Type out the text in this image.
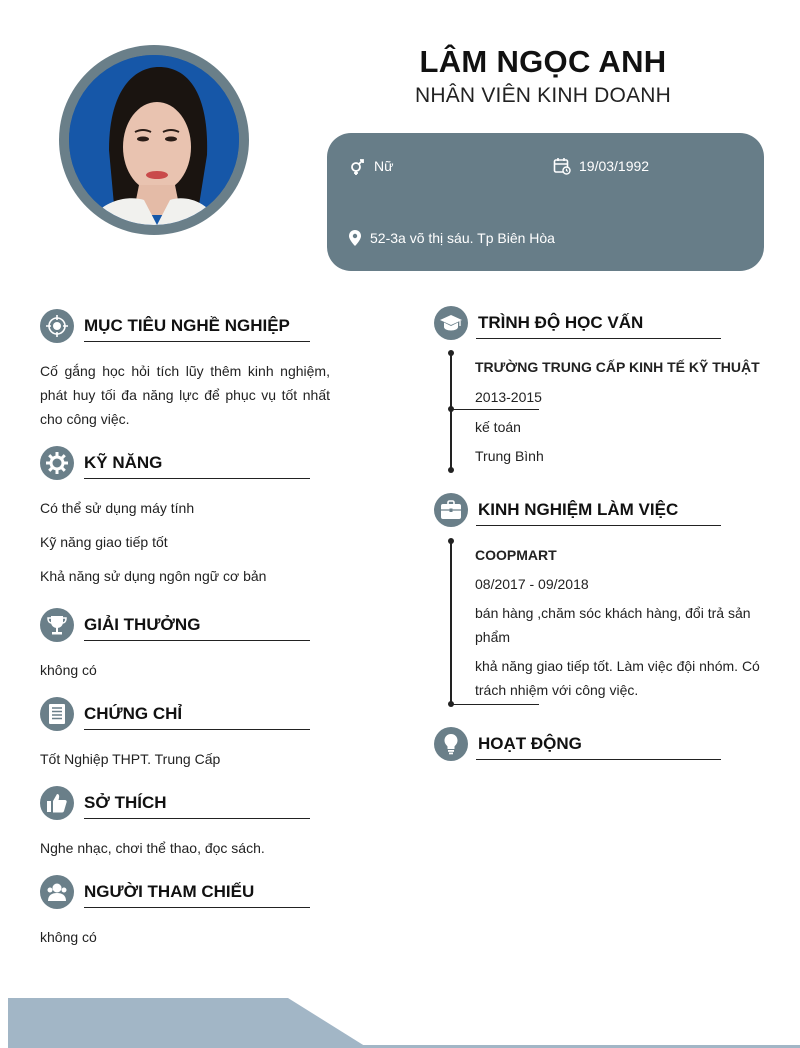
LÂM NGỌC ANH
NHÂN VIÊN KINH DOANH
Nữ	19/03/1992
52-3a võ thị sáu. Tp Biên Hòa
MỤC TIÊU NGHỀ NGHIỆP
Cố gắng học hỏi tích lũy thêm kinh nghiệm, phát huy tối đa năng lực để phục vụ tốt nhất cho công việc.
KỸ NĂNG
Có thể sử dụng máy tính
Kỹ năng giao tiếp tốt
Khả năng sử dụng ngôn ngữ cơ bản
GIẢI THƯỞNG
không có
CHỨNG CHỈ
Tốt Nghiệp THPT. Trung Cấp
SỞ THÍCH
Nghe nhạc, chơi thể thao, đọc sách.
NGƯỜI THAM CHIẾU
không có
TRÌNH ĐỘ HỌC VẤN
TRƯỜNG TRUNG CẤP KINH TẾ KỸ THUẬT
2013-2015
kế toán
Trung Bình
KINH NGHIỆM LÀM VIỆC
COOPMART
08/2017 - 09/2018
bán hàng ,chăm sóc khách hàng, đổi trả sản phẩm
khả năng giao tiếp tốt. Làm việc đội nhóm. Có trách nhiệm với công việc.
HOẠT ĐỘNG
